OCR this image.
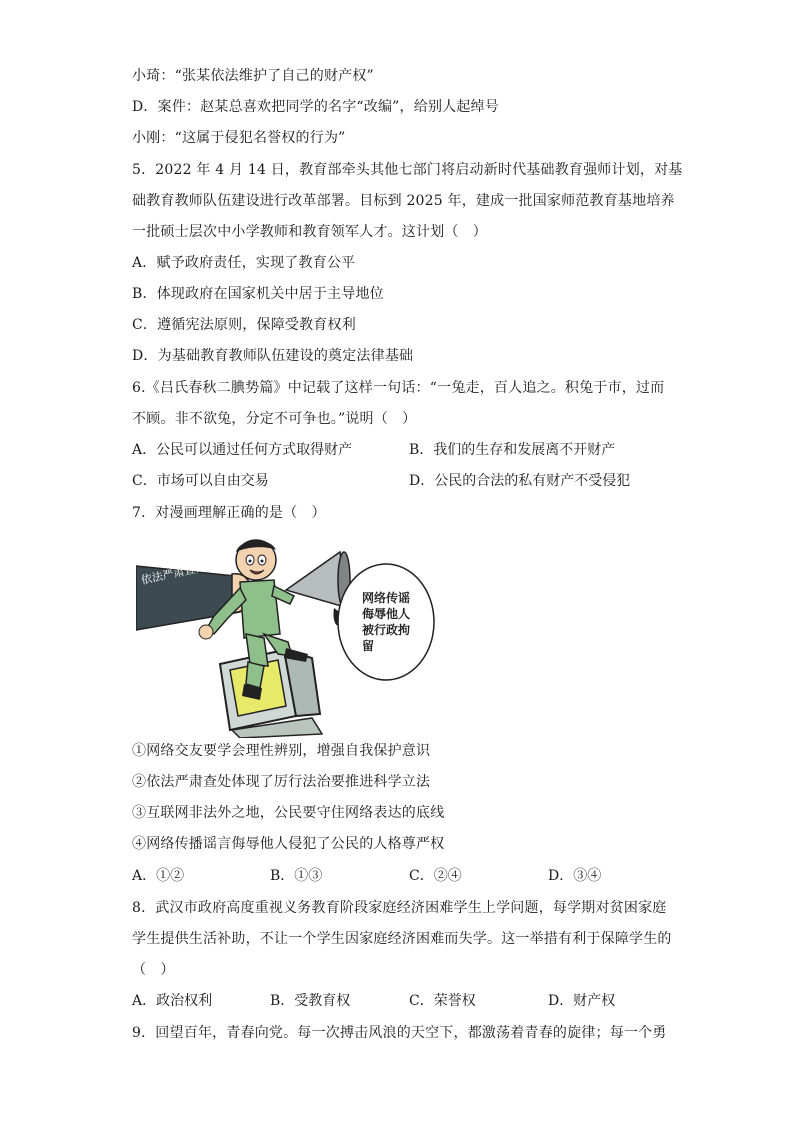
小琦：“张某依法维护了自己的财产权”
D．案件：赵某总喜欢把同学的名字“改编”，给别人起绰号
小刚：“这属于侵犯名誉权的行为”
5．2022 年 4 月 14 日，教育部牵头其他七部门将启动新时代基础教育强师计划，对基
础教育教师队伍建设进行改革部署。目标到 2025 年，建成一批国家师范教育基地培养
一批硕士层次中小学教师和教育领军人才。这计划（　）
A．赋予政府责任，实现了教育公平
B．体现政府在国家机关中居于主导地位
C．遵循宪法原则，保障受教育权利
D．为基础教育教师队伍建设的奠定法律基础
6.《吕氏春秋二腆势篇》中记载了这样一句话：“一兔走，百人追之。积兔于市，过而
不顾。非不欲兔，分定不可争也。”说明（　）
A．公民可以通过任何方式取得财产	B．我们的生存和发展离不开财产
C．市场可以自由交易	D．公民的合法的私有财产不受侵犯
7．对漫画理解正确的是（　）
依法严肃查处
网络传谣
侮辱他人
被行政拘
留
①网络交友要学会理性辨别，增强自我保护意识
②依法严肃查处体现了厉行法治要推进科学立法
③互联网非法外之地，公民要守住网络表达的底线
④网络传播谣言侮辱他人侵犯了公民的人格尊严权
A．①②	B．①③	C．②④	D．③④
8．武汉市政府高度重视义务教育阶段家庭经济困难学生上学问题，每学期对贫困家庭
学生提供生活补助，不让一个学生因家庭经济困难而失学。这一举措有利于保障学生的
（　）
A．政治权利	B．受教育权	C．荣誉权	D．财产权
9．回望百年，青春向党。每一次搏击风浪的天空下，都激荡着青春的旋律；每一个勇
